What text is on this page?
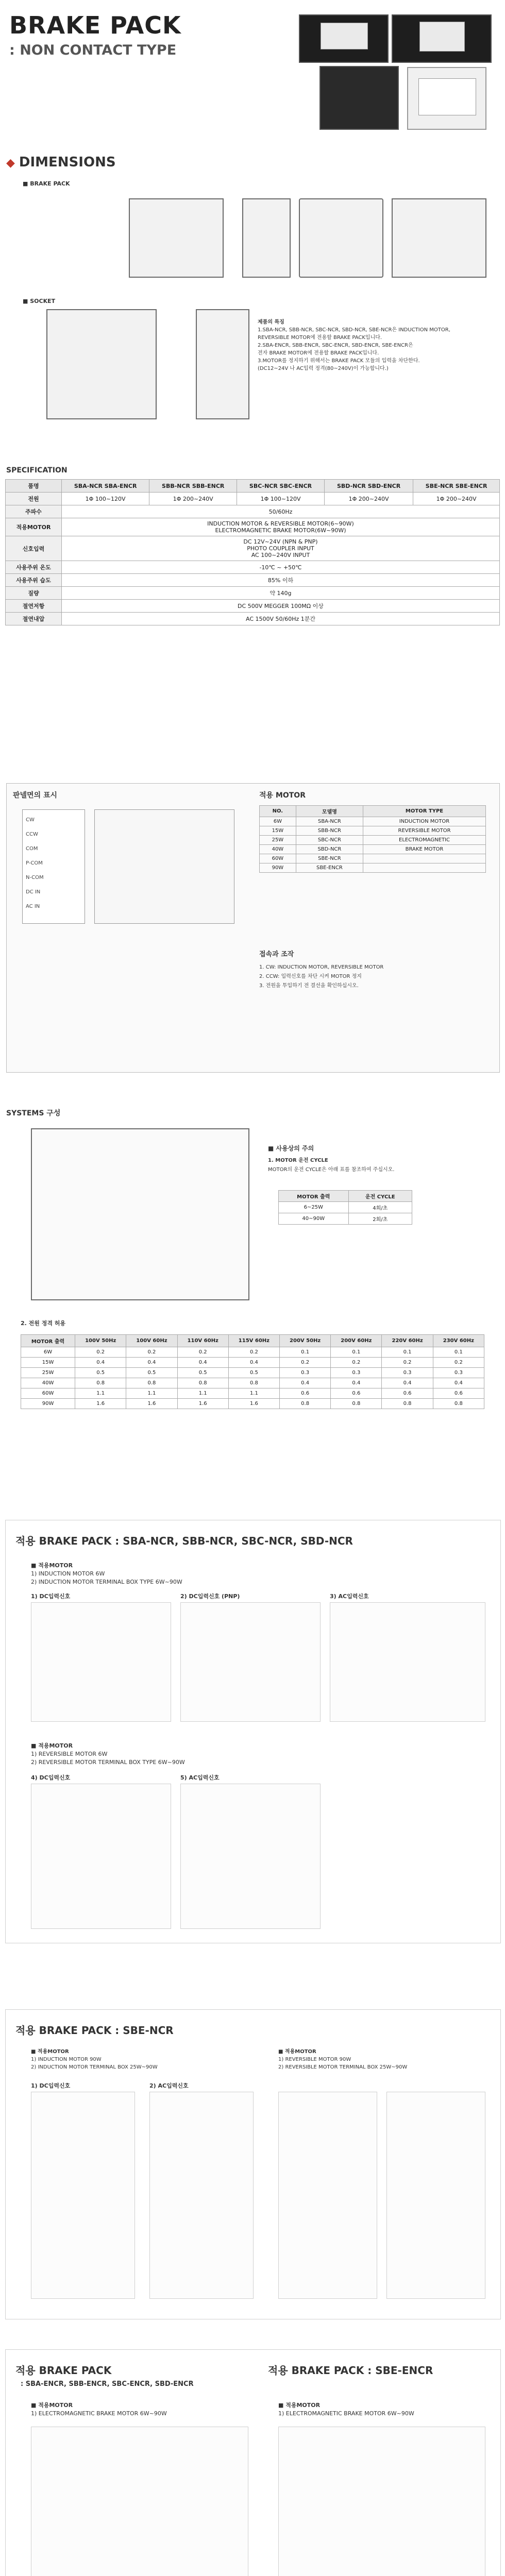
BRAKE PACK
: NON CONTACT TYPE
◆ DIMENSIONS
■ BRAKE PACK
■ SOCKET
제품의 특징
1.SBA-NCR, SBB-NCR, SBC-NCR, SBD-NCR, SBE-NCR은 INDUCTION MOTOR,
REVERSIBLE MOTOR에 전용할 BRAKE PACK입니다.
2.SBA-ENCR, SBB-ENCR, SBC-ENCR, SBD-ENCR, SBE-ENCR은
전자 BRAKE MOTOR에 전용할 BRAKE PACK입니다.
3.MOTOR를 정지하기 위해서는 BRAKE PACK 모듈의 입력을 차단한다.
(DC12~24V 나 AC입력 정격(80~240V)이 가능합니다.)
SPECIFICATION
품명	SBA-NCR SBA-ENCR	SBB-NCR SBB-ENCR	SBC-NCR SBC-ENCR	SBD-NCR SBD-ENCR	SBE-NCR SBE-ENCR
전원	1Φ 100~120V	1Φ 200~240V	1Φ 100~120V	1Φ 200~240V	1Φ 200~240V
주파수	50/60Hz				
적용MOTOR	INDUCTION MOTOR & REVERSIBLE MOTOR(6~90W)
ELECTROMAGNETIC BRAKE MOTOR(6W~90W)				
신호입력	DC 12V~24V (NPN & PNP)
PHOTO COUPLER INPUT
AC 100~240V INPUT				
사용주위 온도	-10℃ ~ +50℃				
사용주위 습도	85% 이하				
질량	약 140g				
절연저항	DC 500V MEGGER 100MΩ 이상				
절연내압	AC 1500V 50/60Hz 1분간				
판넬면의 표시
CW
CCW
COM
P-COM
N-COM
DC IN
AC IN
적용 MOTOR
NO.	모델명	MOTOR TYPE
6W	SBA-NCR	INDUCTION MOTOR
15W	SBB-NCR	REVERSIBLE MOTOR
25W	SBC-NCR	ELECTROMAGNETIC
40W	SBD-NCR	BRAKE MOTOR
60W	SBE-NCR	
90W	SBE-ENCR	
접속과 조작
1. CW: INDUCTION MOTOR, REVERSIBLE MOTOR
2. CCW: 입력신호를 차단 시켜 MOTOR 정지
3. 전원을 투입하기 전 결선을 확인하십시오.
SYSTEMS 구성
■ 사용상의 주의
1. MOTOR 운전 CYCLE
MOTOR의 운전 CYCLE은 아래 표를 참조하여 주십시오.
MOTOR 출력	운전 CYCLE
6~25W	4회/초
40~90W	2회/초
2. 전원 정격 허용
MOTOR 출력	100V 50Hz	100V 60Hz	110V 60Hz	115V 60Hz	200V 50Hz	200V 60Hz	220V 60Hz	230V 60Hz
6W	0.2	0.2	0.2	0.2	0.1	0.1	0.1	0.1
15W	0.4	0.4	0.4	0.4	0.2	0.2	0.2	0.2
25W	0.5	0.5	0.5	0.5	0.3	0.3	0.3	0.3
40W	0.8	0.8	0.8	0.8	0.4	0.4	0.4	0.4
60W	1.1	1.1	1.1	1.1	0.6	0.6	0.6	0.6
90W	1.6	1.6	1.6	1.6	0.8	0.8	0.8	0.8
적용 BRAKE PACK : SBA-NCR, SBB-NCR, SBC-NCR, SBD-NCR
■ 적용MOTOR
1) INDUCTION MOTOR 6W
2) INDUCTION MOTOR TERMINAL BOX TYPE 6W~90W
1) DC입력신호	2) DC입력신호 (PNP)	3) AC입력신호
■ 적용MOTOR
1) REVERSIBLE MOTOR 6W
2) REVERSIBLE MOTOR TERMINAL BOX TYPE 6W~90W
4) DC입력신호	5) AC입력신호
적용 BRAKE PACK : SBE-NCR
■ 적용MOTOR
1) INDUCTION MOTOR 90W
2) INDUCTION MOTOR TERMINAL BOX 25W~90W
■ 적용MOTOR
1) REVERSIBLE MOTOR 90W
2) REVERSIBLE MOTOR TERMINAL BOX 25W~90W
1) DC입력신호	2) AC입력신호
적용 BRAKE PACK
: SBA-ENCR, SBB-ENCR, SBC-ENCR, SBD-ENCR
적용 BRAKE PACK : SBE-ENCR
■ 적용MOTOR
1) ELECTROMAGNETIC BRAKE MOTOR 6W~90W
■ 적용MOTOR
1) ELECTROMAGNETIC BRAKE MOTOR 6W~90W
